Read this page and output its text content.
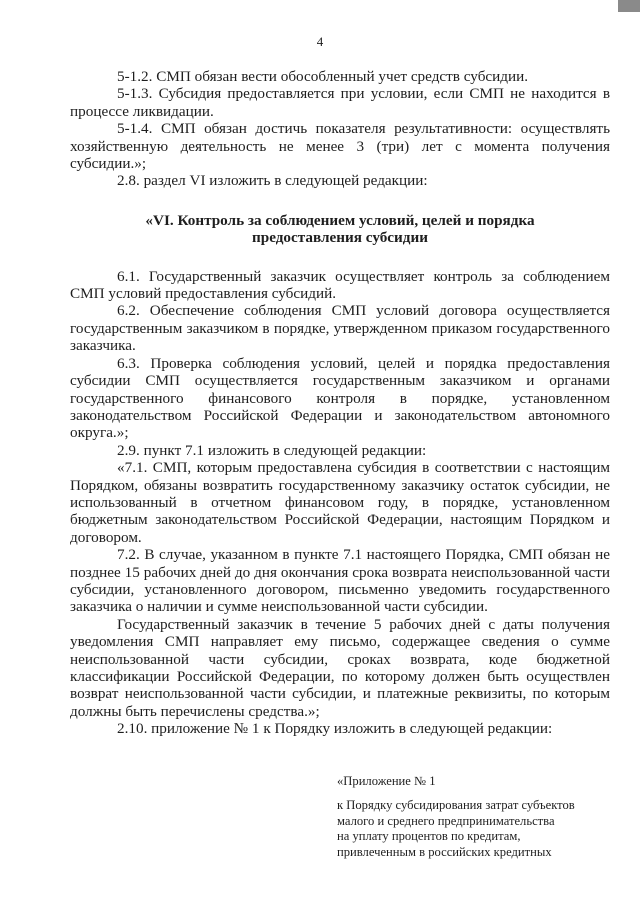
4

5-1.2. СМП обязан вести обособленный учет средств субсидии.

5-1.3. Субсидия предоставляется при условии, если СМП не находится в процессе ликвидации.

5-1.4. СМП обязан достичь показателя результативности: осуществлять хозяйственную деятельность не менее 3 (три) лет с момента получения субсидии.»;

2.8. раздел VI изложить в следующей редакции:

«VI. Контроль за соблюдением условий, целей и порядка
предоставления субсидии

6.1. Государственный заказчик осуществляет контроль за соблюдением СМП условий предоставления субсидий.

6.2. Обеспечение соблюдения СМП условий договора осуществляется государственным заказчиком в порядке, утвержденном приказом государственного заказчика.

6.3. Проверка соблюдения условий, целей и порядка предоставления субсидии СМП осуществляется государственным заказчиком и органами государственного финансового контроля в порядке, установленном законодательством Российской Федерации и законодательством автономного округа.»;

2.9. пункт 7.1 изложить в следующей редакции:

«7.1. СМП, которым предоставлена субсидия в соответствии с настоящим Порядком, обязаны возвратить государственному заказчику остаток субсидии, не использованный в отчетном финансовом году, в порядке, установленном бюджетным законодательством Российской Федерации, настоящим Порядком и договором.

7.2. В случае, указанном в пункте 7.1 настоящего Порядка, СМП обязан не позднее 15 рабочих дней до дня окончания срока возврата неиспользованной части субсидии, установленного договором, письменно уведомить государственного заказчика о наличии и сумме неиспользованной части субсидии.

Государственный заказчик в течение 5 рабочих дней с даты получения уведомления СМП направляет ему письмо, содержащее сведения о сумме неиспользованной части субсидии, сроках возврата, коде бюджетной классификации Российской Федерации, по которому должен быть осуществлен возврат неиспользованной части субсидии, и платежные реквизиты, по которым должны быть перечислены средства.»;

2.10. приложение № 1 к Порядку изложить в следующей редакции:

«Приложение № 1

к Порядку субсидирования затрат субъектов
малого и среднего предпринимательства
на уплату процентов по кредитам,
привлеченным в российских кредитных
